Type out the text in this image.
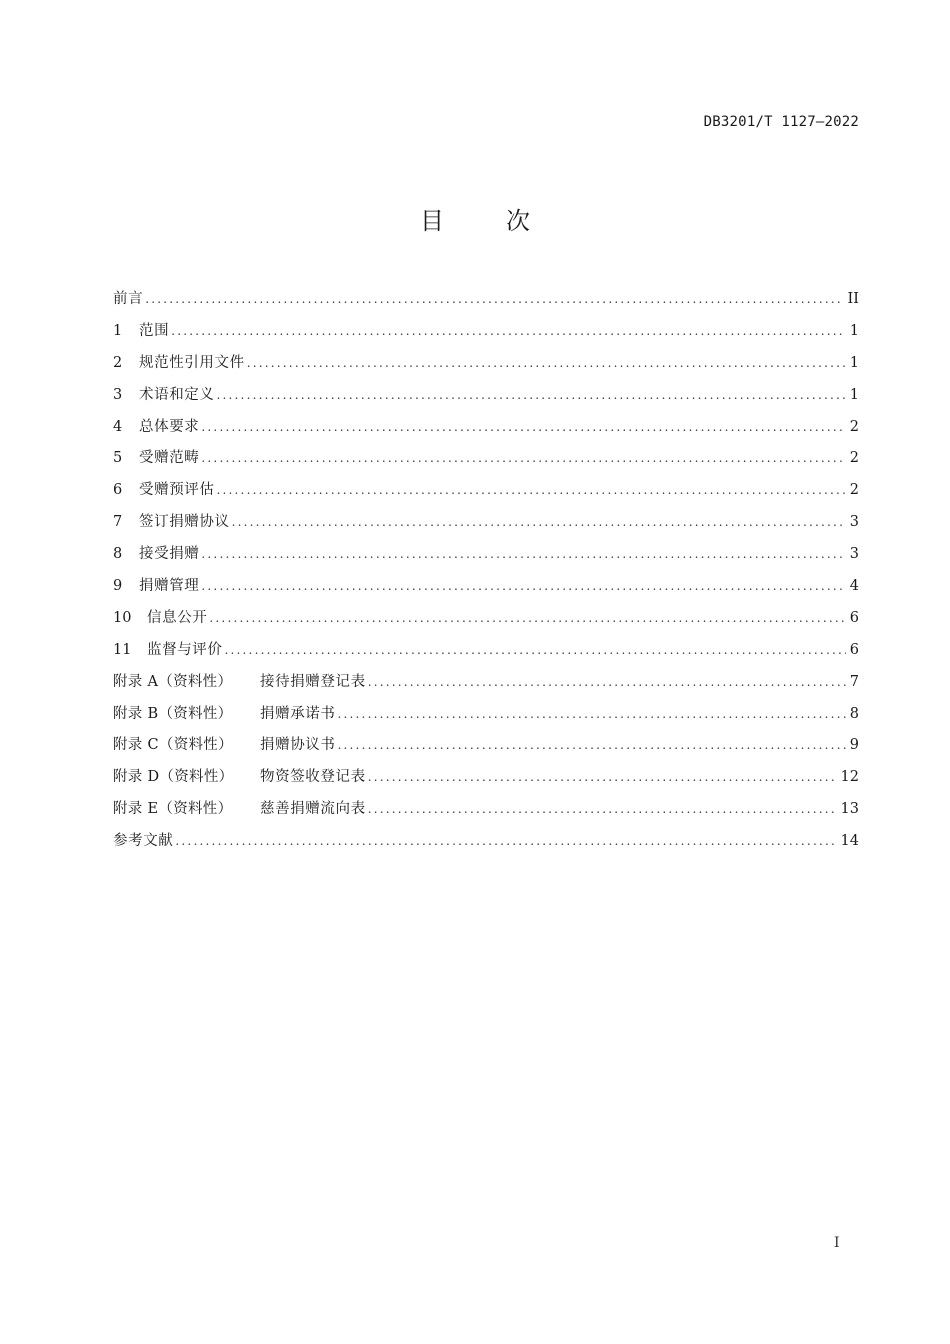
DB3201/T 1127—2022
目	次
前言 .....	II
1	范围 .....	1
2	规范性引用文件 .....	1
3	术语和定义 .....	1
4	总体要求 .....	2
5	受赠范畴 .....	2
6	受赠预评估 .....	2
7	签订捐赠协议 .....	3
8	接受捐赠 .....	3
9	捐赠管理 .....	4
10	信息公开 .....	6
11	监督与评价 .....	6
附录 A（资料性）	接待捐赠登记表 .....	7
附录 B（资料性）	捐赠承诺书 .....	8
附录 C（资料性）	捐赠协议书 .....	9
附录 D（资料性）	物资签收登记表 .....	12
附录 E（资料性）	慈善捐赠流向表 .....	13
参考文献 .....	14
I
